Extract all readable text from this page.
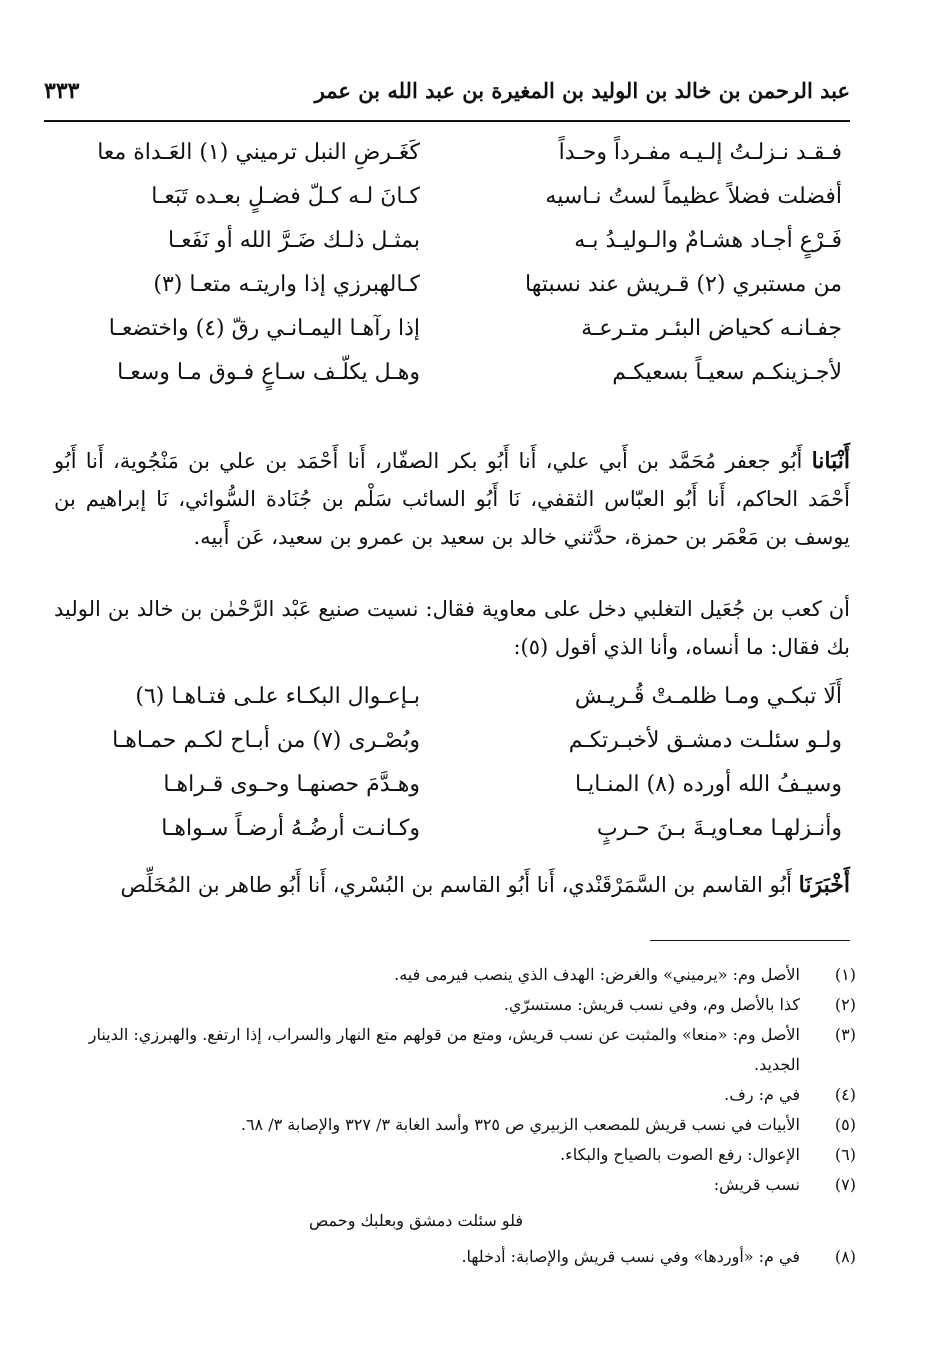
عبد الرحمن بن خالد بن الوليد بن المغيرة بن عبد الله بن عمر
٣٣٣
فـقـد نـزلـتُ إلـيـه مفـرداً وحـداً
كَغَـرضِ النبل ترميني (١) العَـداة معا
أفضلت فضلاً عظيماً لستُ نـاسيه
كـانَ لـه كـلّ فضـلٍ بعـده تَبَعـا
فَـرْعٍ أجـاد هشـامٌ والـوليـدُ بـه
بمثـل ذلـك ضَـرَّ الله أو نَفَعـا
من مستبري (٢) قـريش عند نسبتها
كـالهبرزي إذا واريتـه متعـا (٣)
جفـانـه كحياض البئـر متـرعـة
إذا رآهـا اليمـانـي رقّ (٤) واختضعـا
لأجـزينكـم سعيـاً بسعيكـم
وهـل يكلّـف سـاعٍ فـوق مـا وسعـا
أَنْبَانا أَبُو جعفر مُحَمَّد بن أَبي علي، أَنا أَبُو بكر الصفّار، أَنا أَحْمَد بن علي بن مَنْجُوية، أَنا أَبُو أَحْمَد الحاكم، أَنا أَبُو العبّاس الثقفي، نَا أَبُو السائب سَلْم بن جُنَادة السُّوائي، نَا إبراهيم بن يوسف بن مَعْمَر بن حمزة، حدَّثني خالد بن سعيد بن عمرو بن سعيد، عَن أَبيه.
أن كعب بن جُعَيل التغلبي دخل على معاوية فقال: نسيت صنيع عَبْد الرَّحْمٰن بن خالد بن الوليد بك فقال: ما أنساه، وأنا الذي أقول (٥):
أَلَا تبكـي ومـا ظلمـتْ قُـريـش
بـإعـوال البكـاء علـى فتـاهـا (٦)
ولـو سئلـت دمشـق لأخبـرتكـم
وبُصْـرى (٧) من أبـاح لكـم حمـاهـا
وسيـفُ الله أورده (٨) المنـايـا
وهـدَّمَ حصنهـا وحـوى قـراهـا
وأنـزلهـا معـاويـةَ بـنَ حـربٍ
وكـانـت أرضُـهُ أرضـاً سـواهـا
أَخْبَرَنَا أَبُو القاسم بن السَّمَرْقَنْدي، أَنا أَبُو القاسم بن البُسْري، أَنا أَبُو طاهر بن المُخَلِّص
(١)
الأصل وم: «يرميني» والغرض: الهدف الذي ينصب فيرمى فيه.
(٢)
كذا بالأصل وم، وفي نسب قريش: مستسرّي.
(٣)
الأصل وم: «منعا» والمثبت عن نسب قريش، ومتع من قولهم متع النهار والسراب، إذا ارتفع. والهبرزي: الدينار الجديد.
(٤)
في م: رف.
(٥)
الأبيات في نسب قريش للمصعب الزبيري ص ٣٢٥ وأسد الغابة ٣/ ٣٢٧ والإصابة ٣/ ٦٨.
(٦)
الإعوال: رفع الصوت بالصياح والبكاء.
(٧)
نسب قريش:
فلو سئلت دمشق وبعلبك وحمص
(٨)
في م: «أوردها» وفي نسب قريش والإصابة: أدخلها.
